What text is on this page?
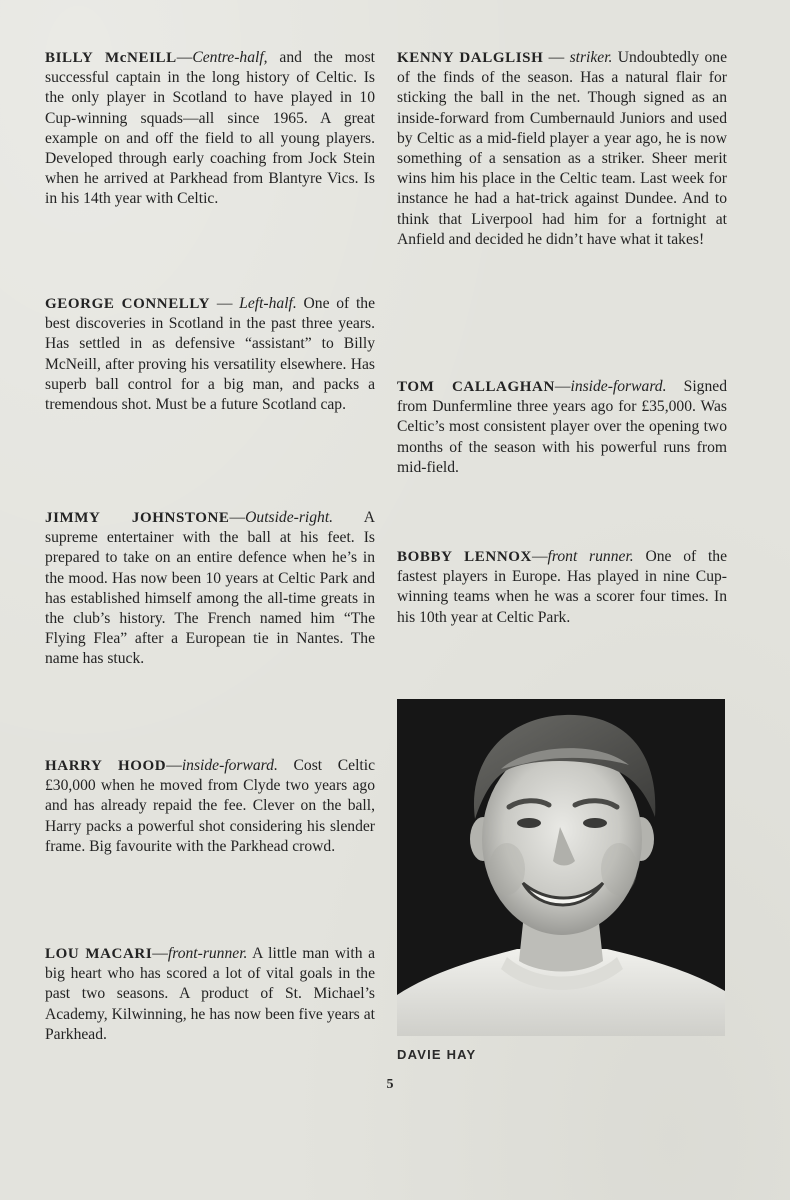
BILLY McNEILL—Centre-half, and the most successful captain in the long history of Celtic. Is the only player in Scotland to have played in 10 Cup-winning squads—all since 1965. A great example on and off the field to all young players. Developed through early coaching from Jock Stein when he arrived at Parkhead from Blantyre Vics. Is in his 14th year with Celtic.

GEORGE CONNELLY — Left-half. One of the best discoveries in Scotland in the past three years. Has settled in as defensive “assistant” to Billy McNeill, after proving his versatility elsewhere. Has superb ball control for a big man, and packs a tremendous shot. Must be a future Scotland cap.

JIMMY JOHNSTONE—Outside-right. A supreme entertainer with the ball at his feet. Is prepared to take on an entire defence when he’s in the mood. Has now been 10 years at Celtic Park and has established himself among the all-time greats in the club’s history. The French named him “The Flying Flea” after a European tie in Nantes. The name has stuck.

HARRY HOOD—inside-forward. Cost Celtic £30,000 when he moved from Clyde two years ago and has already repaid the fee. Clever on the ball, Harry packs a powerful shot considering his slender frame. Big favourite with the Parkhead crowd.

LOU MACARI—front-runner. A little man with a big heart who has scored a lot of vital goals in the past two seasons. A product of St. Michael’s Academy, Kilwinning, he has now been five years at Parkhead.

KENNY DALGLISH — striker. Undoubtedly one of the finds of the season. Has a natural flair for sticking the ball in the net. Though signed as an inside-forward from Cumbernauld Juniors and used by Celtic as a mid-field player a year ago, he is now something of a sensation as a striker. Sheer merit wins him his place in the Celtic team. Last week for instance he had a hat-trick against Dundee. And to think that Liverpool had him for a fortnight at Anfield and decided he didn’t have what it takes!

TOM CALLAGHAN—inside-forward. Signed from Dunfermline three years ago for £35,000. Was Celtic’s most consistent player over the opening two months of the season with his powerful runs from mid-field.

BOBBY LENNOX—front runner. One of the fastest players in Europe. Has played in nine Cup-winning teams when he was a scorer four times. In his 10th year at Celtic Park.

DAVIE HAY
5
